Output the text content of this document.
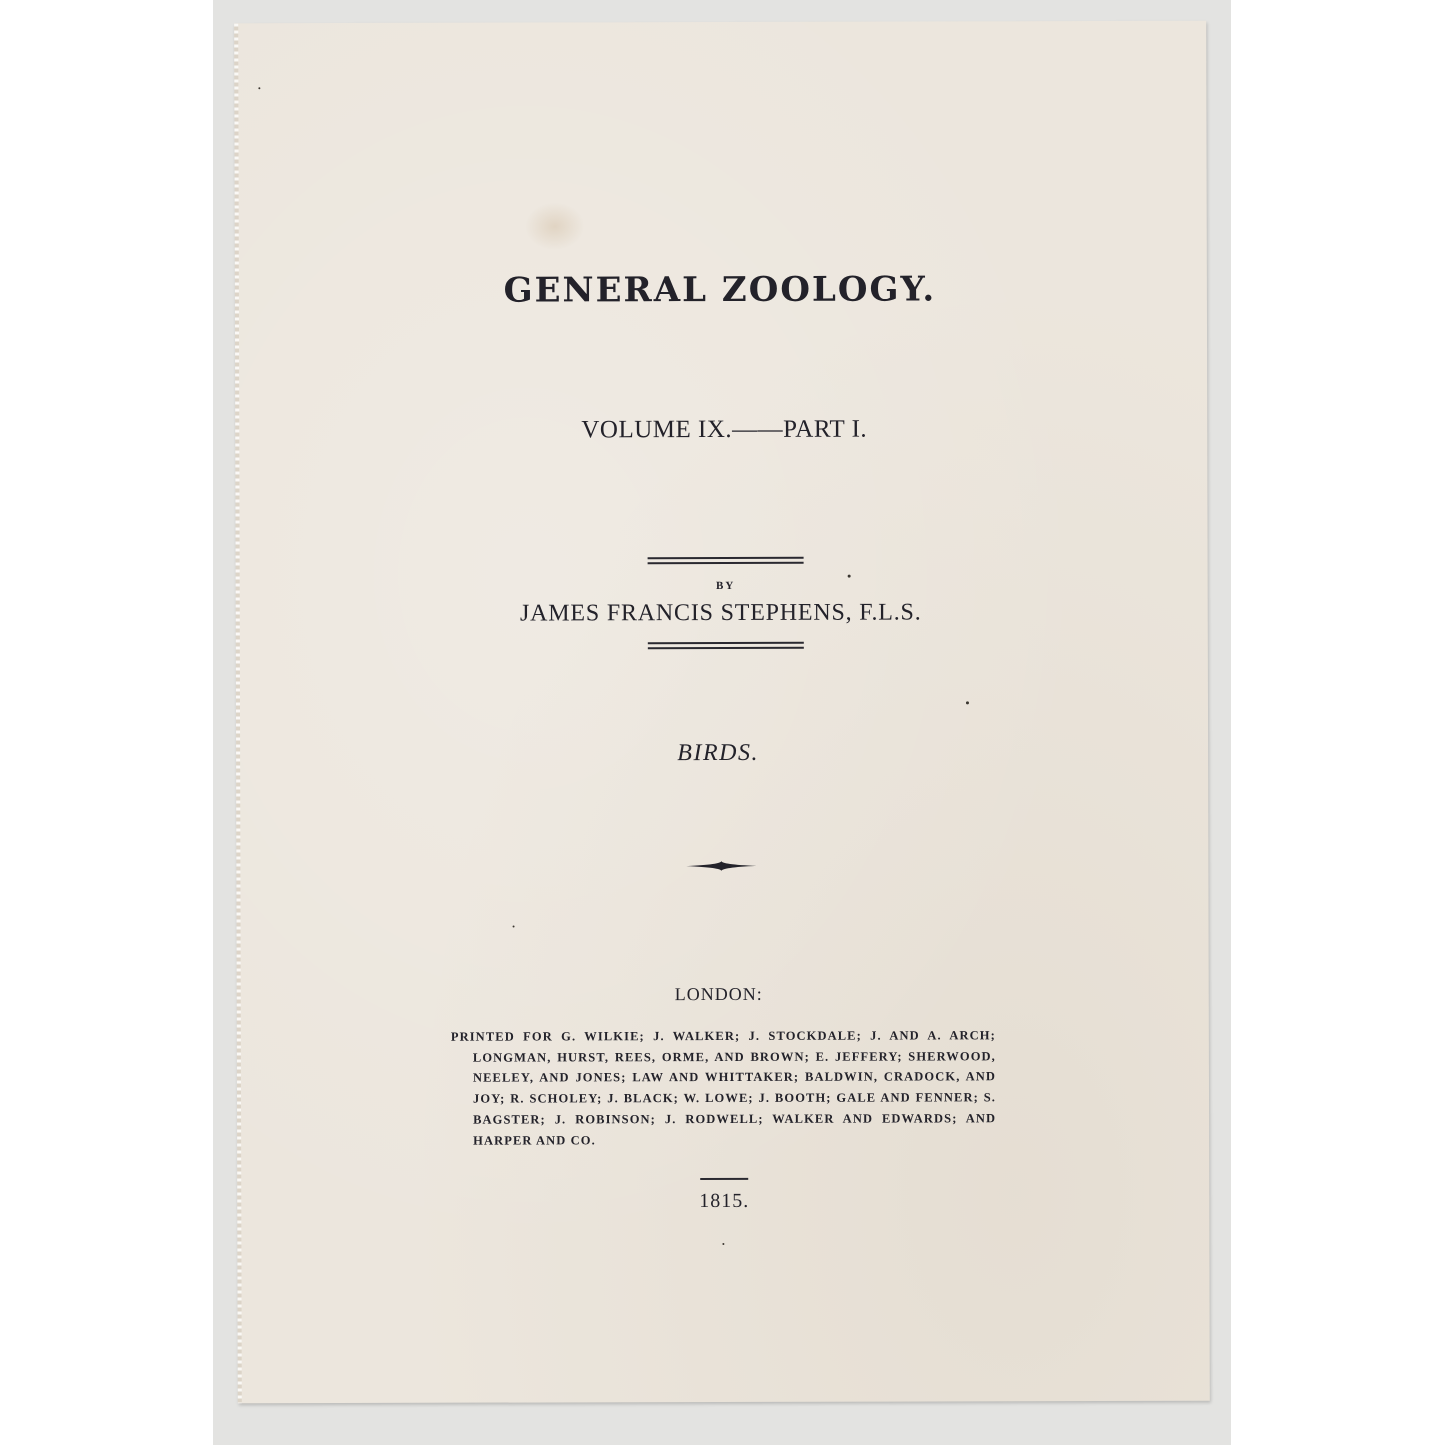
GENERAL ZOOLOGY.

VOLUME IX.——PART I.

BY

JAMES FRANCIS STEPHENS, F.L.S.

BIRDS.

LONDON:

PRINTED FOR G. WILKIE; J. WALKER; J. STOCKDALE; J. AND A. ARCH; LONGMAN, HURST, REES, ORME, AND BROWN; E. JEFFERY; SHERWOOD, NEELEY, AND JONES; LAW AND WHITTAKER; BALDWIN, CRADOCK, AND JOY; R. SCHOLEY; J. BLACK; W. LOWE; J. BOOTH; GALE AND FENNER; S. BAGSTER; J. ROBINSON; J. RODWELL; WALKER AND EDWARDS; AND HARPER AND CO.

1815.
